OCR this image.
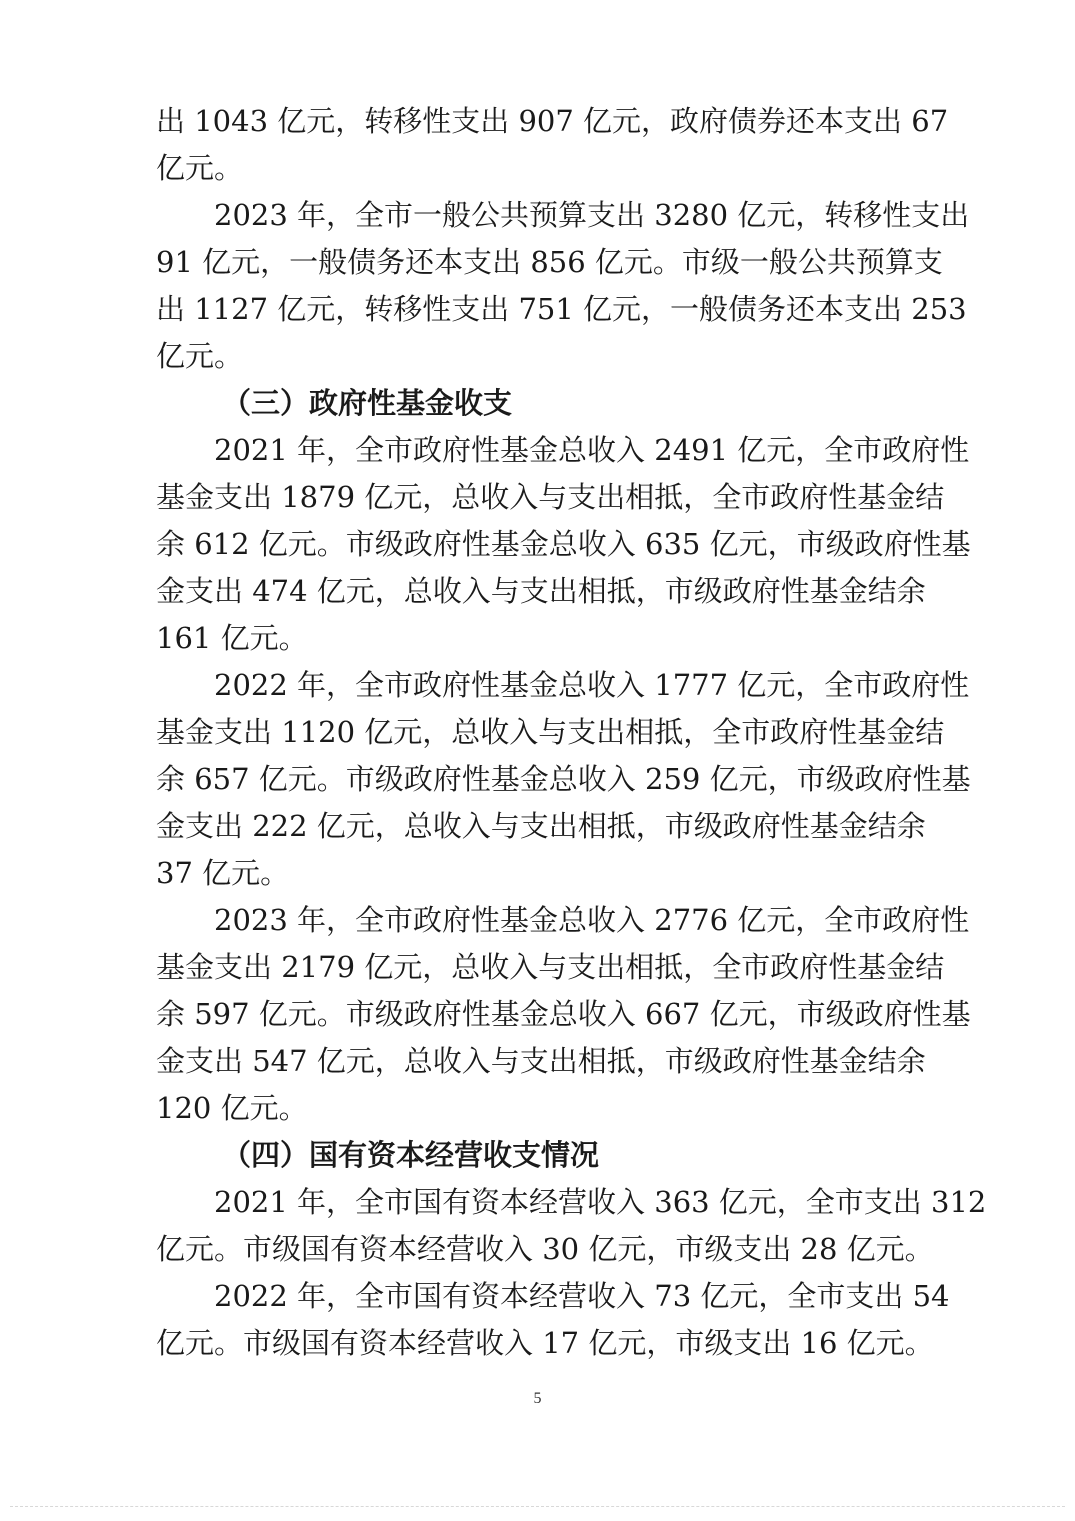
出 1043 亿元，转移性支出 907 亿元，政府债券还本支出 67
亿元。
2023 年，全市一般公共预算支出 3280 亿元，转移性支出
91 亿元，一般债务还本支出 856 亿元。市级一般公共预算支
出 1127 亿元，转移性支出 751 亿元，一般债务还本支出 253
亿元。
（三）政府性基金收支
2021 年，全市政府性基金总收入 2491 亿元，全市政府性
基金支出 1879 亿元，总收入与支出相抵，全市政府性基金结
余 612 亿元。市级政府性基金总收入 635 亿元，市级政府性基
金支出 474 亿元，总收入与支出相抵，市级政府性基金结余
161 亿元。
2022 年，全市政府性基金总收入 1777 亿元，全市政府性
基金支出 1120 亿元，总收入与支出相抵，全市政府性基金结
余 657 亿元。市级政府性基金总收入 259 亿元，市级政府性基
金支出 222 亿元，总收入与支出相抵，市级政府性基金结余
37 亿元。
2023 年，全市政府性基金总收入 2776 亿元，全市政府性
基金支出 2179 亿元，总收入与支出相抵，全市政府性基金结
余 597 亿元。市级政府性基金总收入 667 亿元，市级政府性基
金支出 547 亿元，总收入与支出相抵，市级政府性基金结余
120 亿元。
（四）国有资本经营收支情况
2021 年，全市国有资本经营收入 363 亿元，全市支出 312
亿元。市级国有资本经营收入 30 亿元，市级支出 28 亿元。
2022 年，全市国有资本经营收入 73 亿元，全市支出 54
亿元。市级国有资本经营收入 17 亿元，市级支出 16 亿元。
5
